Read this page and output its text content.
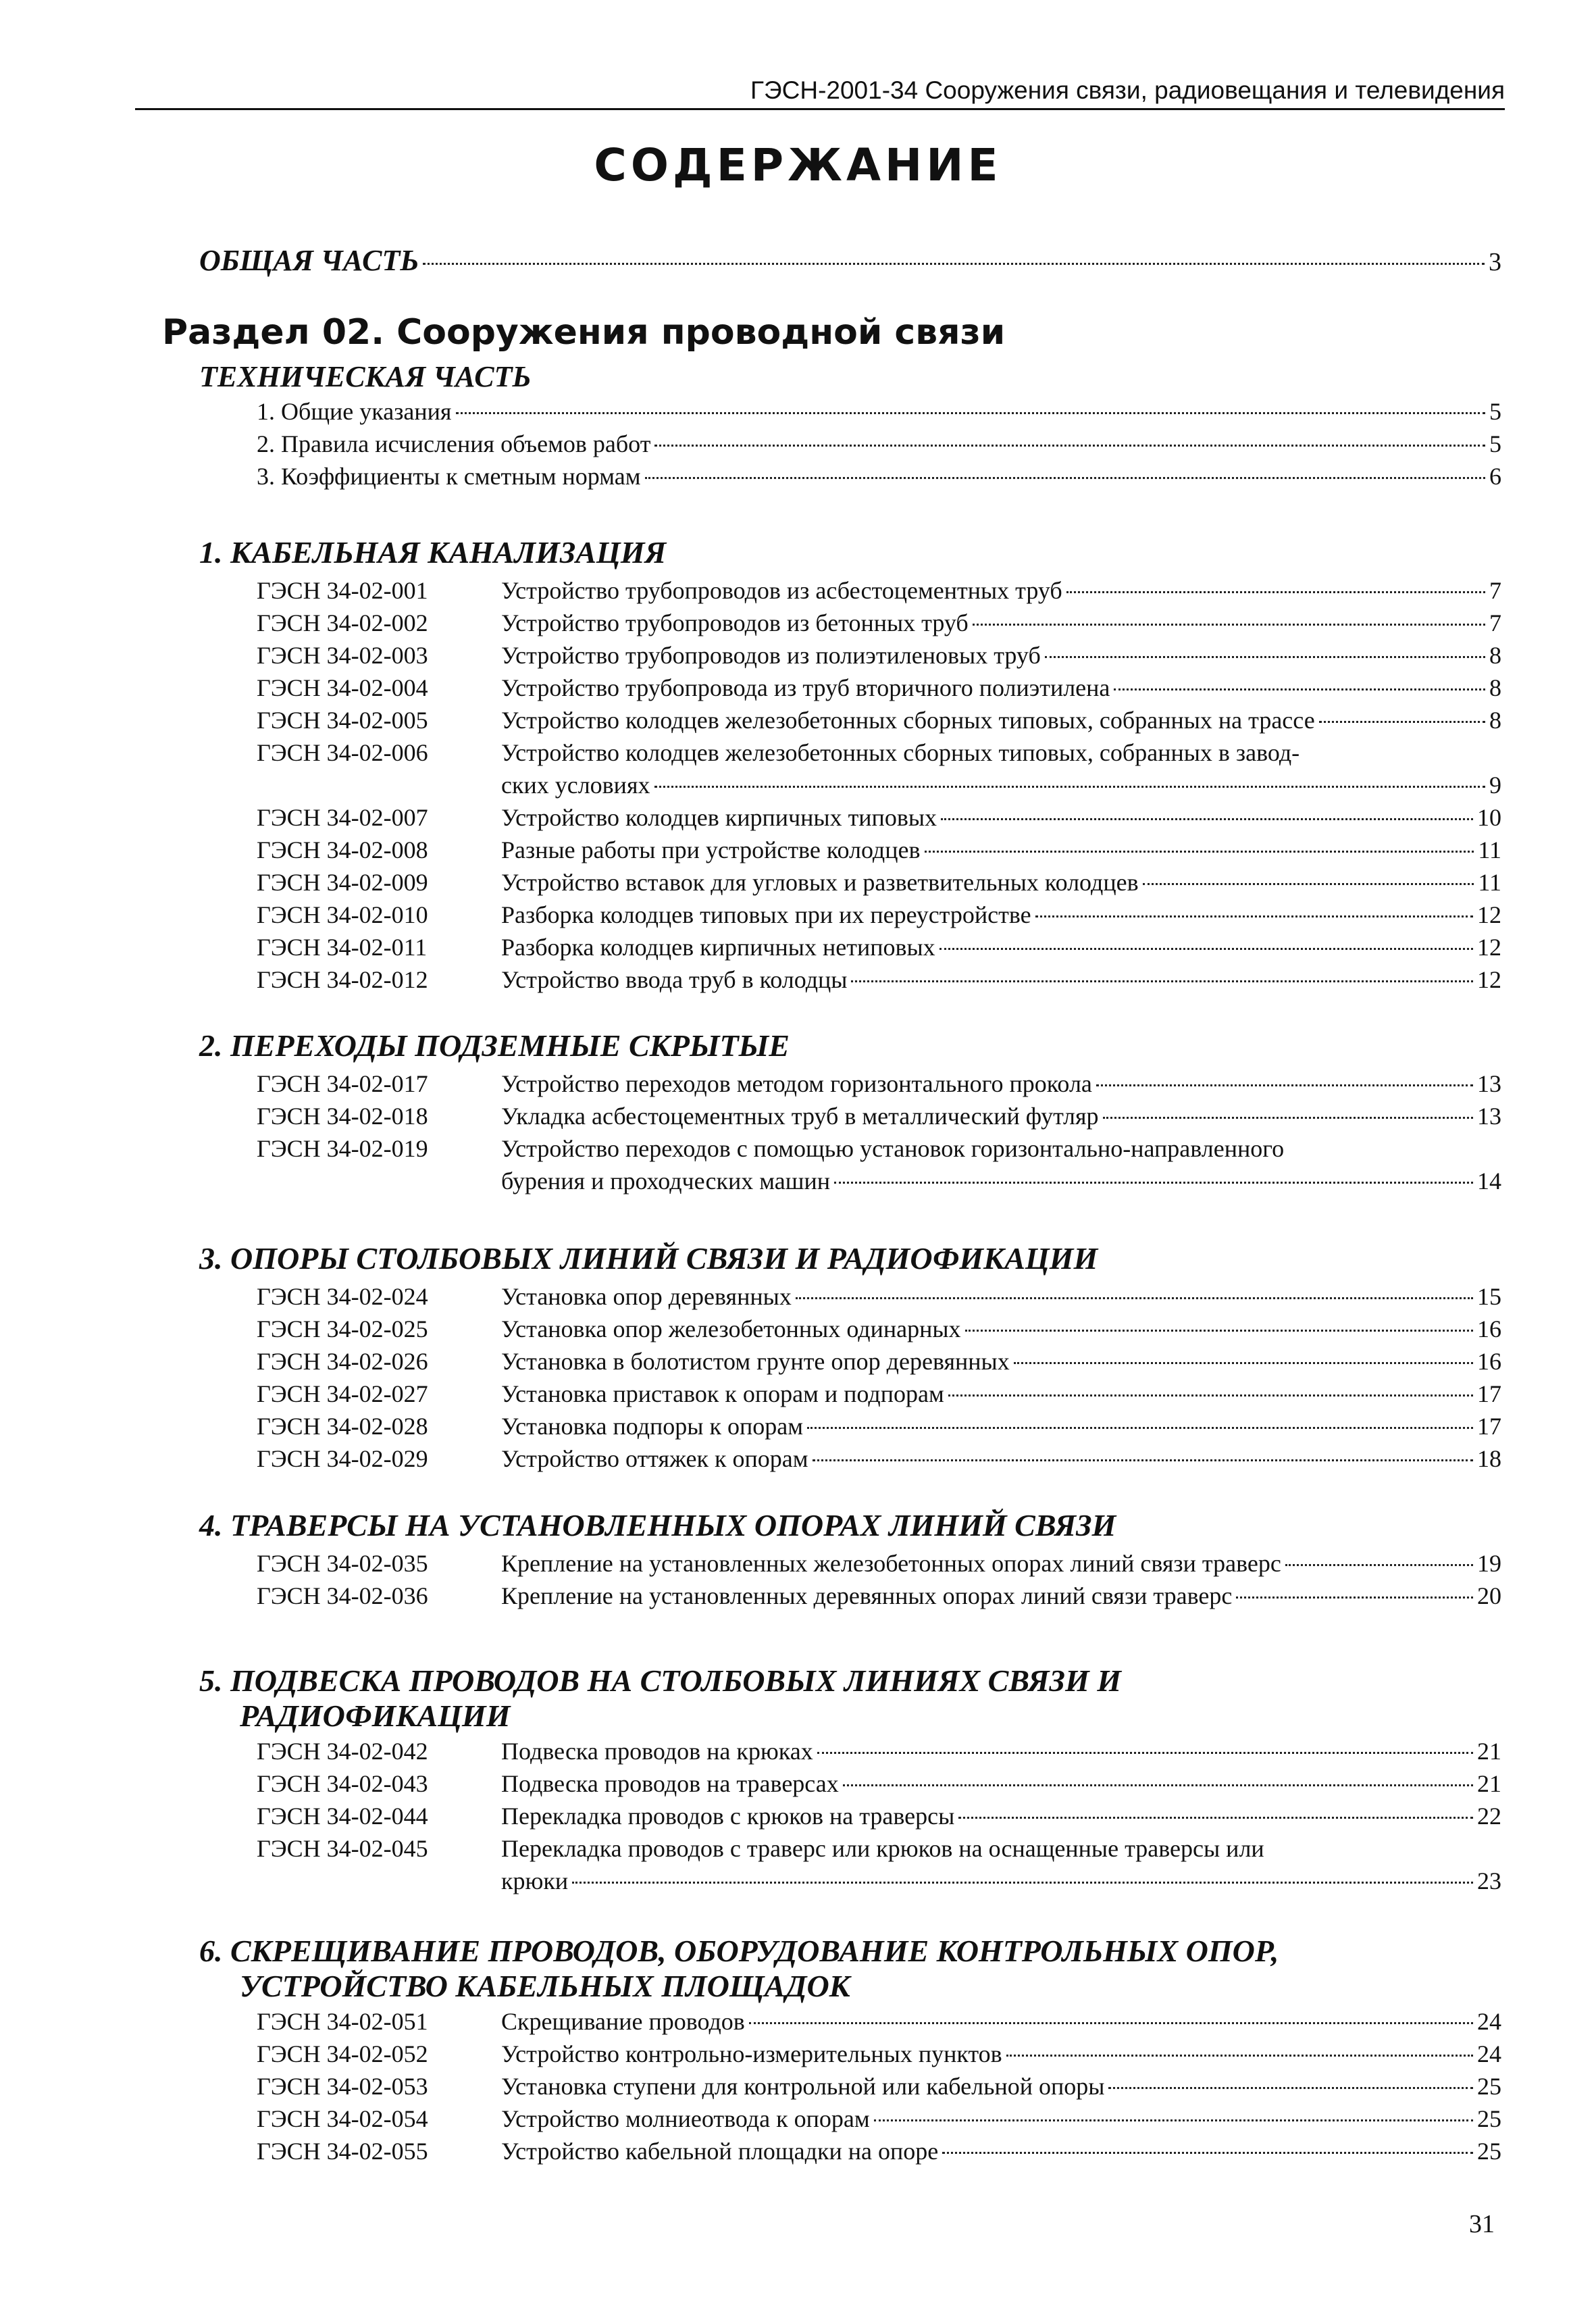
ГЭСН-2001-34 Сооружения связи, радиовещания и телевидения
СОДЕРЖАНИЕ
ОБЩАЯ ЧАСТЬ	3
Раздел 02. Сооружения проводной связи
ТЕХНИЧЕСКАЯ ЧАСТЬ
1. Общие указания	5
2. Правила исчисления объемов работ	5
3. Коэффициенты к сметным нормам	6
1. КАБЕЛЬНАЯ КАНАЛИЗАЦИЯ
ГЭСН 34-02-001	Устройство трубопроводов из асбестоцементных труб	7
ГЭСН 34-02-002	Устройство трубопроводов из бетонных труб	7
ГЭСН 34-02-003	Устройство трубопроводов из полиэтиленовых труб	8
ГЭСН 34-02-004	Устройство трубопровода из труб вторичного полиэтилена	8
ГЭСН 34-02-005	Устройство колодцев железобетонных сборных типовых, собранных на трассе	8
ГЭСН 34-02-006	Устройство колодцев железобетонных сборных типовых, собранных в завод-
ских условиях	9
ГЭСН 34-02-007	Устройство колодцев кирпичных типовых	10
ГЭСН 34-02-008	Разные работы при устройстве колодцев	11
ГЭСН 34-02-009	Устройство вставок для угловых и разветвительных колодцев	11
ГЭСН 34-02-010	Разборка колодцев типовых при их переустройстве	12
ГЭСН 34-02-011	Разборка колодцев кирпичных нетиповых	12
ГЭСН 34-02-012	Устройство ввода труб в колодцы	12
2. ПЕРЕХОДЫ ПОДЗЕМНЫЕ СКРЫТЫЕ
ГЭСН 34-02-017	Устройство переходов методом горизонтального прокола	13
ГЭСН 34-02-018	Укладка асбестоцементных труб в металлический футляр	13
ГЭСН 34-02-019	Устройство переходов с помощью установок горизонтально-направленного
бурения и проходческих машин	14
3. ОПОРЫ СТОЛБОВЫХ ЛИНИЙ СВЯЗИ И РАДИОФИКАЦИИ
ГЭСН 34-02-024	Установка опор деревянных	15
ГЭСН 34-02-025	Установка опор железобетонных одинарных	16
ГЭСН 34-02-026	Установка в болотистом грунте опор деревянных	16
ГЭСН 34-02-027	Установка приставок к опорам и подпорам	17
ГЭСН 34-02-028	Установка подпоры к опорам	17
ГЭСН 34-02-029	Устройство оттяжек к опорам	18
4. ТРАВЕРСЫ НА УСТАНОВЛЕННЫХ ОПОРАХ ЛИНИЙ СВЯЗИ
ГЭСН 34-02-035	Крепление на установленных железобетонных опорах линий связи траверс	19
ГЭСН 34-02-036	Крепление на установленных деревянных опорах линий связи траверс	20
5. ПОДВЕСКА ПРОВОДОВ НА СТОЛБОВЫХ ЛИНИЯХ СВЯЗИ И
РАДИОФИКАЦИИ
ГЭСН 34-02-042	Подвеска проводов на крюках	21
ГЭСН 34-02-043	Подвеска проводов на траверсах	21
ГЭСН 34-02-044	Перекладка проводов с крюков на траверсы	22
ГЭСН 34-02-045	Перекладка проводов с траверс или крюков на оснащенные траверсы или
крюки	23
6. СКРЕЩИВАНИЕ ПРОВОДОВ, ОБОРУДОВАНИЕ КОНТРОЛЬНЫХ ОПОР,
УСТРОЙСТВО КАБЕЛЬНЫХ ПЛОЩАДОК
ГЭСН 34-02-051	Скрещивание проводов	24
ГЭСН 34-02-052	Устройство контрольно-измерительных пунктов	24
ГЭСН 34-02-053	Установка ступени для контрольной или кабельной опоры	25
ГЭСН 34-02-054	Устройство молниеотвода к опорам	25
ГЭСН 34-02-055	Устройство кабельной площадки на опоре	25
31
